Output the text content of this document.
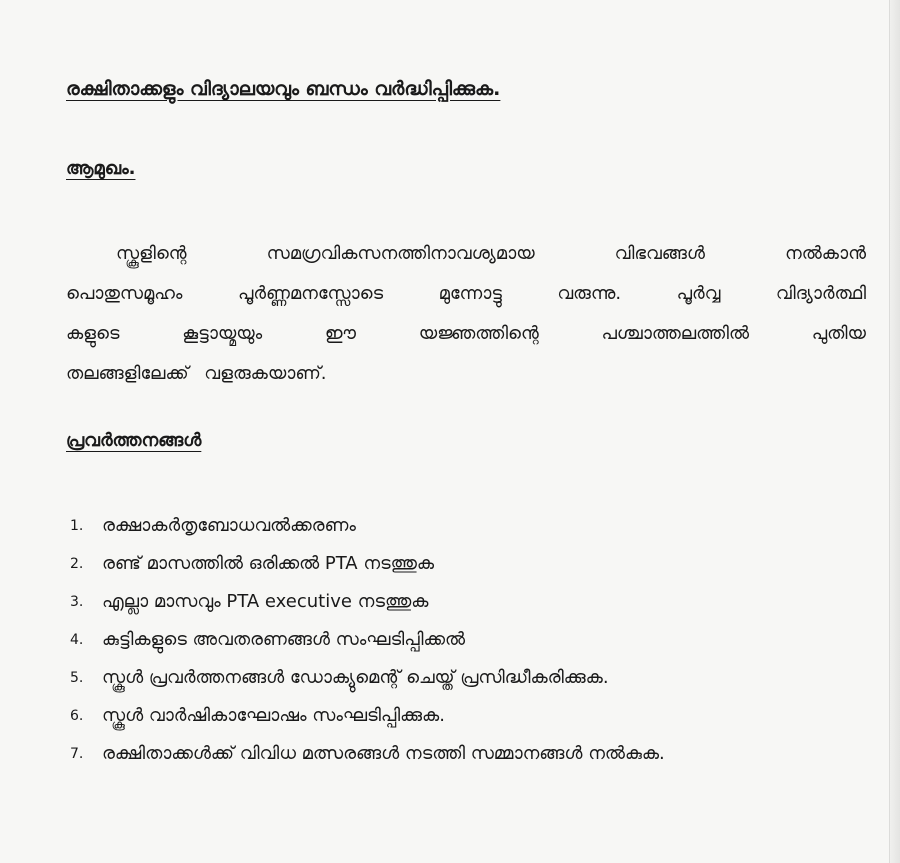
രക്ഷിതാക്കളും വിദ്യാലയവും ബന്ധം വർദ്ധിപ്പിക്കുക.
ആമുഖം.
സ്കൂളിന്റെ	സമഗ്രവികസനത്തിനാവശ്യമായ	വിഭവങ്ങൾ	നൽകാൻ
പൊതുസമൂഹം	പൂർണ്ണമനസ്സോടെ	മുന്നോട്ടു	വരുന്നു.	പൂർവ്വ	വിദ്യാർത്ഥി
കളുടെ	കൂട്ടായ്മയും	ഈ	യജ്ഞത്തിന്റെ	പശ്ചാത്തലത്തിൽ	പുതിയ
തലങ്ങളിലേക്ക് വളരുകയാണ്.
പ്രവർത്തനങ്ങൾ
1.	രക്ഷാകർതൃബോധവൽക്കരണം
2.	രണ്ട് മാസത്തിൽ ഒരിക്കൽ PTA നടത്തുക
3.	എല്ലാ മാസവും PTA executive നടത്തുക
4.	കുട്ടികളുടെ അവതരണങ്ങൾ സംഘടിപ്പിക്കൽ
5.	സ്കൂൾ പ്രവർത്തനങ്ങൾ ഡോക്യുമെന്റ് ചെയ്ത് പ്രസിദ്ധീകരിക്കുക.
6.	സ്കൂൾ വാർഷികാഘോഷം സംഘടിപ്പിക്കുക.
7.	രക്ഷിതാക്കൾക്ക് വിവിധ മത്സരങ്ങൾ നടത്തി സമ്മാനങ്ങൾ നൽകുക.
